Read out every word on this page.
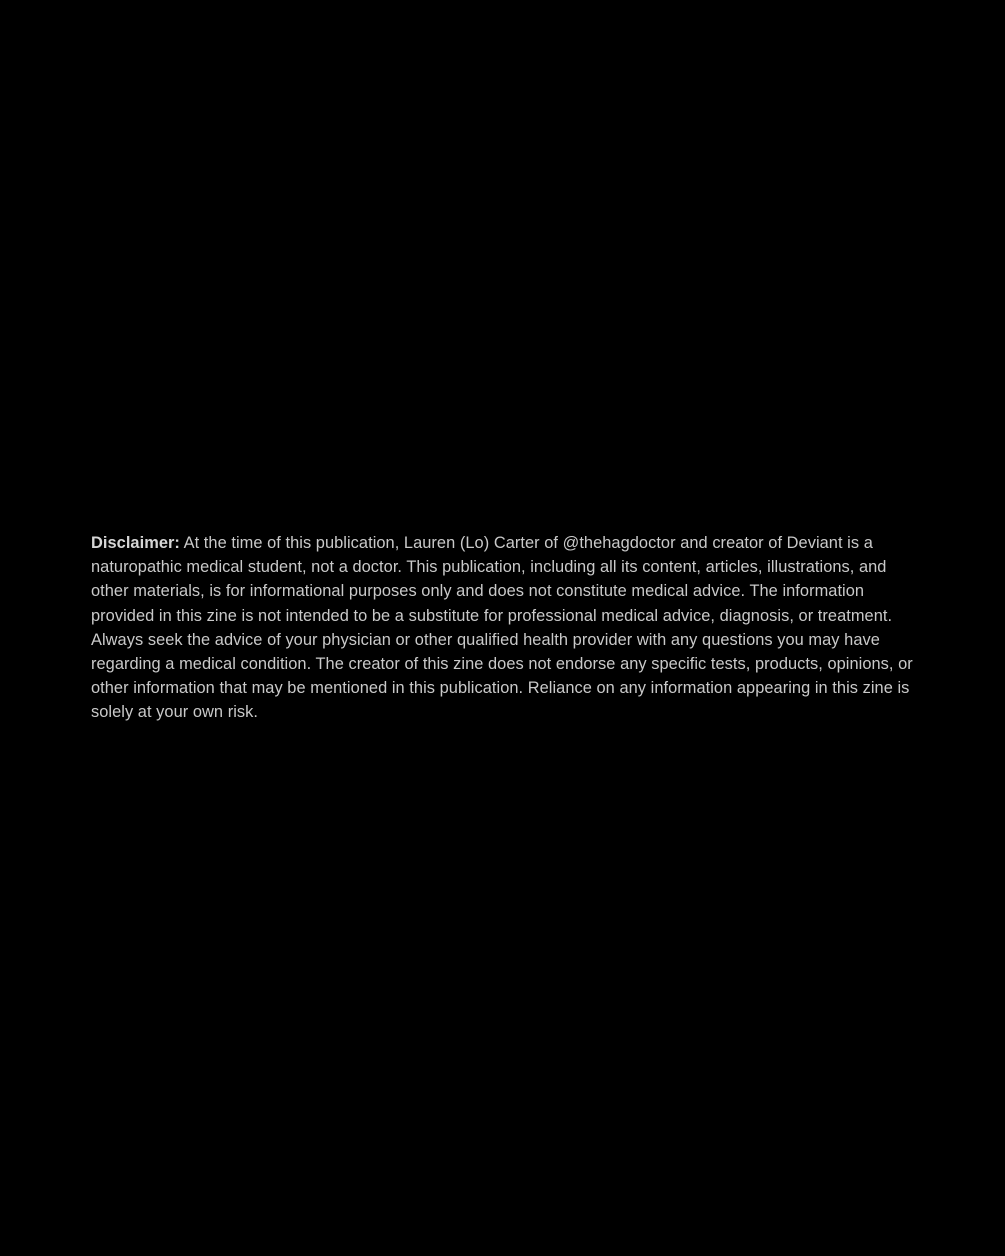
Disclaimer: At the time of this publication, Lauren (Lo) Carter of @thehagdoctor and creator of Deviant is a naturopathic medical student, not a doctor. This publication, including all its content, articles, illustrations, and other materials, is for informational purposes only and does not constitute medical advice. The information provided in this zine is not intended to be a substitute for professional medical advice, diagnosis, or treatment. Always seek the advice of your physician or other qualified health provider with any questions you may have regarding a medical condition. The creator of this zine does not endorse any specific tests, products, opinions, or other information that may be mentioned in this publication. Reliance on any information appearing in this zine is solely at your own risk.
